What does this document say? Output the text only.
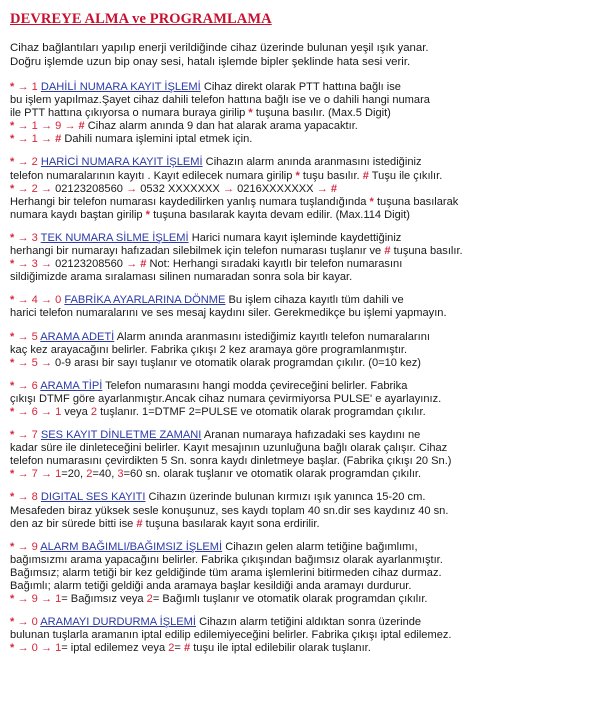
DEVREYE ALMA ve PROGRAMLAMA
Cihaz bağlantıları yapılıp enerji verildiğinde cihaz üzerinde bulunan yeşil ışık yanar.
Doğru işlemde uzun bip onay sesi, hatalı işlemde bipler şeklinde hata sesi verir.
* → 1 DAHİLİ NUMARA KAYIT İŞLEMİ Cihaz direkt olarak PTT hattına bağlı ise
bu işlem yapılmaz.Şayet cihaz dahili telefon hattına bağlı ise ve o dahili hangi numara
ile PTT hattına çıkıyorsa o numara buraya girilip * tuşuna basılır. (Max.5 Digit)
* → 1 → 9 → # Cihaz alarm anında 9 dan hat alarak arama yapacaktır.
* → 1 → # Dahili numara işlemini iptal etmek için.
* → 2 HARİCİ NUMARA KAYIT İŞLEMİ Cihazın alarm anında aranmasını istediğiniz
telefon numaralarının kayıtı . Kayıt edilecek numara girilip * tuşu basılır. # Tuşu ile çıkılır.
* → 2 → 02123208560 → 0532 XXXXXXX → 0216XXXXXXX → #
Herhangi bir telefon numarası kaydedilirken yanlış numara tuşlandığında * tuşuna basılarak
numara kaydı baştan girilip * tuşuna basılarak kayıta devam edilir. (Max.114 Digit)
* → 3 TEK NUMARA SİLME İŞLEMİ Harici numara kayıt işleminde kaydettiğiniz
herhangi bir numarayı hafızadan silebilmek için telefon numarası tuşlanır ve # tuşuna basılır.
* → 3 → 02123208560 → # Not: Herhangi sıradaki kayıtlı bir telefon numarasını
sildiğimizde arama sıralaması silinen numaradan sonra sola bir kayar.
* → 4 → 0 FABRİKA AYARLARINA DÖNME Bu işlem cihaza kayıtlı tüm dahili ve
harici telefon numaralarını ve ses mesaj kaydını siler. Gerekmedikçe bu işlemi yapmayın.
* → 5 ARAMA ADETİ Alarm anında aranmasını istediğimiz kayıtlı telefon numaralarını
kaç kez arayacağını belirler. Fabrika çıkışı 2 kez aramaya göre programlanmıştır.
* → 5 → 0-9 arası bir sayı tuşlanır ve otomatik olarak programdan çıkılır. (0=10 kez)
* → 6 ARAMA TİPİ Telefon numarasını hangi modda çevireceğini belirler. Fabrika
çıkışı DTMF göre ayarlanmıştır.Ancak cihaz numara çevirmiyorsa PULSE' e ayarlayınız.
* → 6 → 1 veya 2 tuşlanır. 1=DTMF 2=PULSE ve otomatik olarak programdan çıkılır.
* → 7 SES KAYIT DİNLETME ZAMANI Aranan numaraya hafızadaki ses kaydını ne
kadar süre ile dinleteceğini belirler. Kayıt mesajının uzunluğuna bağlı olarak çalışır. Cihaz
telefon numarasını çevirdikten 5 Sn. sonra kaydı dinletmeye başlar. (Fabrika çıkışı 20 Sn.)
* → 7 → 1=20, 2=40, 3=60 sn. olarak tuşlanır ve otomatik olarak programdan çıkılır.
* → 8 DIGITAL SES KAYITI Cihazın üzerinde bulunan kırmızı ışık yanınca 15-20 cm.
Mesafeden biraz yüksek sesle konuşunuz, ses kaydı toplam 40 sn.dir ses kaydınız 40 sn.
den az bir sürede bitti ise # tuşuna basılarak kayıt sona erdirilir.
* → 9 ALARM BAĞIMLI/BAĞIMSIZ İŞLEMİ Cihazın gelen alarm tetiğine bağımlımı,
bağımsızmı arama yapacağını belirler. Fabrika çıkışından bağımsız olarak ayarlanmıştır.
Bağımsız; alarm tetiği bir kez geldiğinde tüm arama işlemlerini bitirmeden cihaz durmaz.
Bağımlı; alarm tetiği geldiği anda aramaya başlar kesildiği anda aramayı durdurur.
* → 9 → 1= Bağımsız veya 2= Bağımlı tuşlanır ve otomatik olarak programdan çıkılır.
* → 0 ARAMAYI DURDURMA İŞLEMİ Cihazın alarm tetiğini aldıktan sonra üzerinde
bulunan tuşlarla aramanın iptal edilip edilemiyeceğini belirler. Fabrika çıkışı iptal edilemez.
* → 0 → 1= iptal edilemez veya 2= # tuşu ile iptal edilebilir olarak tuşlanır.
